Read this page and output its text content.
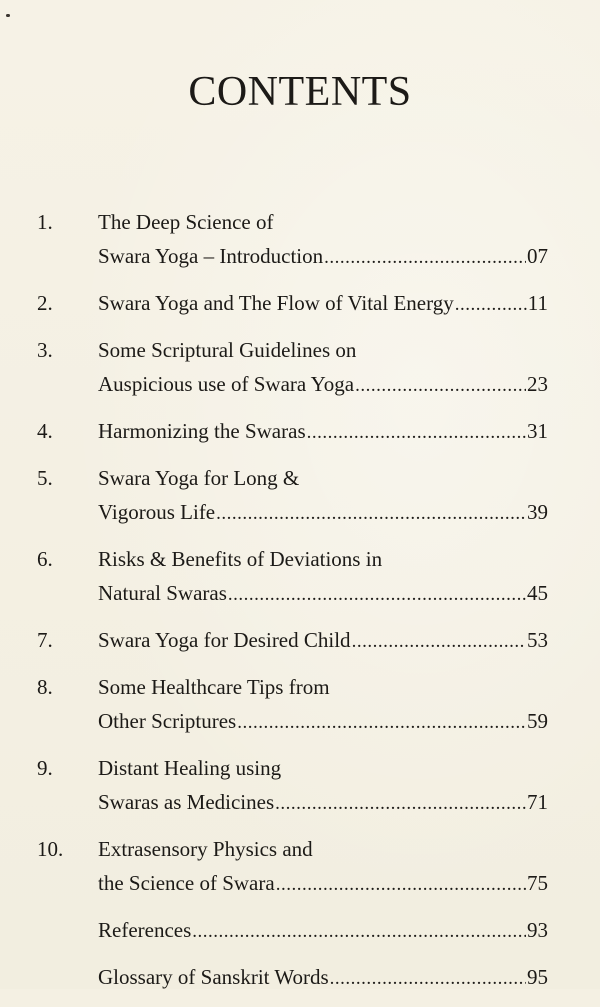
CONTENTS
1. The Deep Science of
Swara Yoga – Introduction .....	07
2. Swara Yoga and The Flow of Vital Energy .....	11
3. Some Scriptural Guidelines on
Auspicious use of Swara Yoga .....	23
4. Harmonizing the Swaras .....	31
5. Swara Yoga for Long &
Vigorous Life .....	39
6. Risks & Benefits of Deviations in
Natural Swaras .....	45
7. Swara Yoga for Desired Child .....	53
8. Some Healthcare Tips from
Other Scriptures .....	59
9. Distant Healing using
Swaras as Medicines .....	71
10. Extrasensory Physics and
the Science of Swara .....	75
References .....	93
Glossary of Sanskrit Words .....	95
